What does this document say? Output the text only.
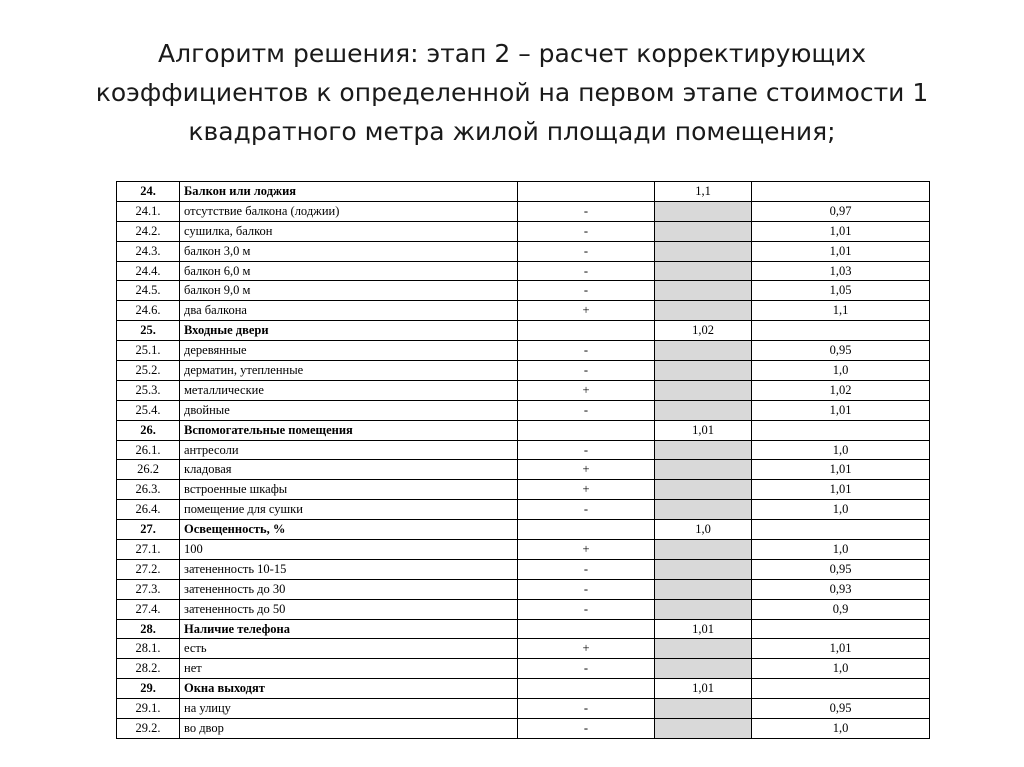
Алгоритм решения: этап 2 – расчет корректирующих
коэффициентов к определенной на первом этапе стоимости 1
квадратного метра жилой площади помещения;
24.	Балкон или лоджия		1,1	
24.1.	отсутствие балкона (лоджии)	-		0,97
24.2.	сушилка, балкон	-		1,01
24.3.	балкон 3,0 м	-		1,01
24.4.	балкон 6,0 м	-		1,03
24.5.	балкон 9,0 м	-		1,05
24.6.	два балкона	+		1,1
25.	Входные двери		1,02	
25.1.	деревянные	-		0,95
25.2.	дерматин, утепленные	-		1,0
25.3.	металлические	+		1,02
25.4.	двойные	-		1,01
26.	Вспомогательные помещения		1,01	
26.1.	антресоли	-		1,0
26.2	кладовая	+		1,01
26.3.	встроенные шкафы	+		1,01
26.4.	помещение для сушки	-		1,0
27.	Освещенность, %		1,0	
27.1.	100	+		1,0
27.2.	затененность 10-15	-		0,95
27.3.	затененность до 30	-		0,93
27.4.	затененность до 50	-		0,9
28.	Наличие телефона		1,01	
28.1.	есть	+		1,01
28.2.	нет	-		1,0
29.	Окна выходят		1,01	
29.1.	на улицу	-		0,95
29.2.	во двор	-		1,0
